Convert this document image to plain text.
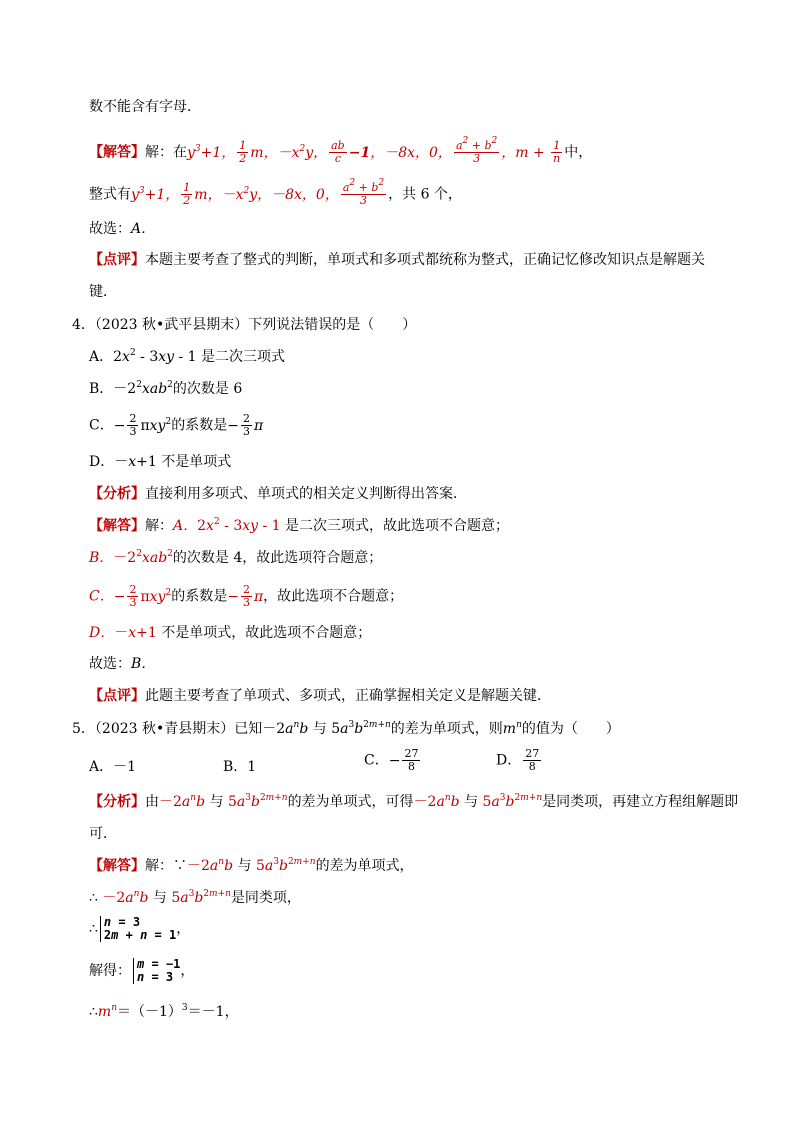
数不能含有字母．
【解答】解：在$y^3+1$， $\frac{1}{2}$ m，$-x^2y$， $\frac{ab}{c} -1$，－8x，0， $\frac{a^2 + b^2}{3}$ ，$m + \frac{1}{n}$ 中，
整式有$y^3+1$， $\frac{1}{2}$ m，$-x^2y$，－8x，0， $\frac{a^2 + b^2}{3}$ ，共 6 个，
故选：A．
【点评】本题主要考查了整式的判断，单项式和多项式都统称为整式，正确记忆修改知识点是解题关
键．
4．（2023 秋•武平县期末）下列说法错误的是（　　）
A．$2x^2 - 3xy - 1$ 是二次三项式
B．$-2^2xab^2$的次数是 6
C．− $\frac{2}{3} \pi xy^2$的系数是− $\frac{2}{3}$ π
D．－x+1 不是单项式
【分析】直接利用多项式、单项式的相关定义判断得出答案．
【解答】解：A．$2x^2 - 3xy - 1$ 是二次三项式，故此选项不合题意；
B．$-2^2xab^2$的次数是 4，故此选项符合题意；
C．− $\frac{2}{3} \pi xy^2$的系数是− $\frac{2}{3}$ π，故此选项不合题意；
D．－x+1 不是单项式，故此选项不合题意；
故选：B．
【点评】此题主要考查了单项式、多项式，正确掌握相关定义是解题关键．
5．（2023 秋•青县期末）已知$-2a^nb$ 与 $5a^3b^{2m+n}$的差为单项式，则$m^n$的值为（　　）
A．－1	B．1	C．− $\frac{27}{8}$	D． $\frac{27}{8}$
【分析】由$-2a^nb$ 与 $5a^3b^{2m+n}$的差为单项式，可得$-2a^nb$ 与 $5a^3b^{2m+n}$是同类项，再建立方程组解题即
可．
【解答】解：$\because-2a^nb$ 与 $5a^3b^{2m+n}$的差为单项式，
∴ $-2a^nb$ 与 $5a^3b^{2m+n}$是同类项，
∴ n = 3
2m + n = 1，
解得： m = −1
n = 3 ，
$\therefore m^n=(-1)^3=-1$，
